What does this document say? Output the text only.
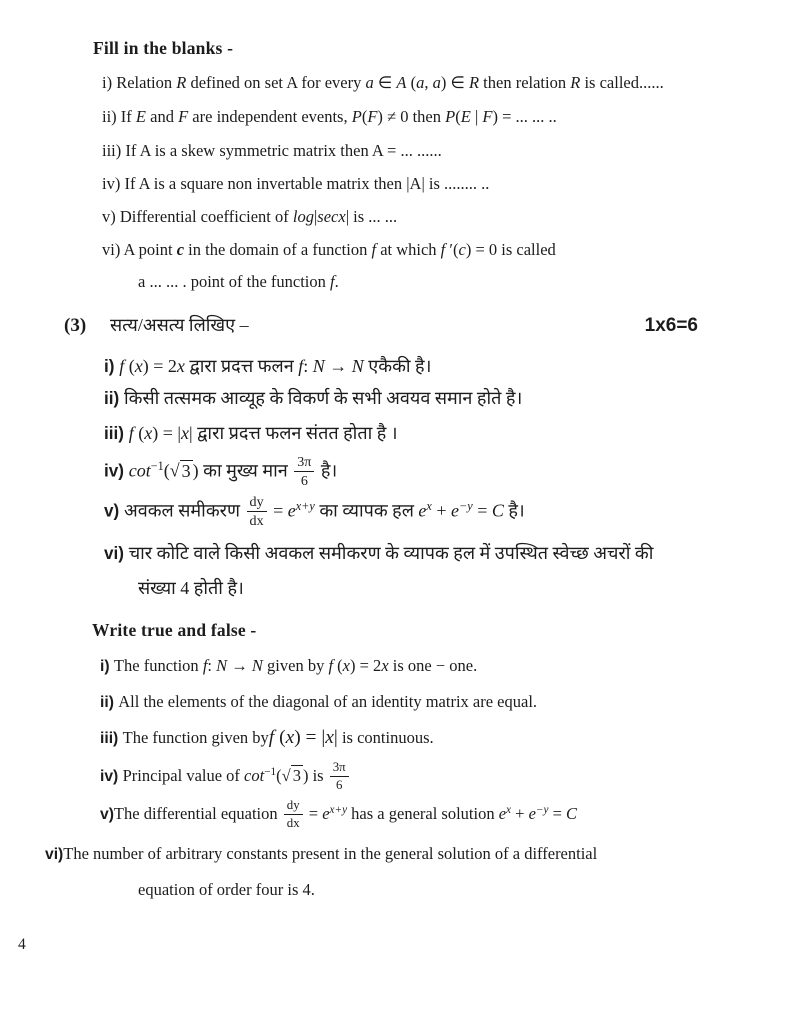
Fill in the blanks -
i) Relation R defined on set A for every a ∈ A (a, a) ∈ R then relation R is called......
ii) If E and F are independent events, P(F) ≠ 0 then P(E | F) = ... ... ..
iii) If A is a skew symmetric matrix then A = ... ......
iv) If A is a square non invertable matrix then |A| is ........ ..
v) Differential coefficient of log|secx| is ... ...
vi) A point c in the domain of a function f at which f ′(c) = 0 is called
a ... ... . point of the function f.
(3)	सत्य/असत्य लिखिए –	1x6=6
i) f (x) = 2x द्वारा प्रदत्त फलन f: N → N एकैकी है।
ii) किसी तत्समक आव्यूह के विकर्ण के सभी अवयव समान होते है।
iii) f (x) = |x| द्वारा प्रदत्त फलन संतत होता है ।
iv) $\cot^{-1}(√$ 3 ) का मुख्य मान $\frac{3\pi}{6}$ है।
v) अवकल समीकरण $\frac{dy}{dx} = e^{x+y}$ का व्यापक हल $e^x + e^{-y} = C$ है।
vi) चार कोटि वाले किसी अवकल समीकरण के व्यापक हल में उपस्थित स्वेच्छ अचरों की
संख्या 4 होती है।
Write true and false -
i) The function f: N → N given by f (x) = 2x is one − one.
ii) All the elements of the diagonal of an identity matrix are equal.
iii) The function given byf (x) = |x| is continuous.
iv) Principal value of $\cot^{-1}(√$ 3 ) is $\frac{3\pi}{6}$
v)The differential equation $\frac{dy}{dx} = e^{x+y}$ has a general solution $e^x + e^{-y} = C$
vi)The number of arbitrary constants present in the general solution of a differential
equation of order four is 4.
4
